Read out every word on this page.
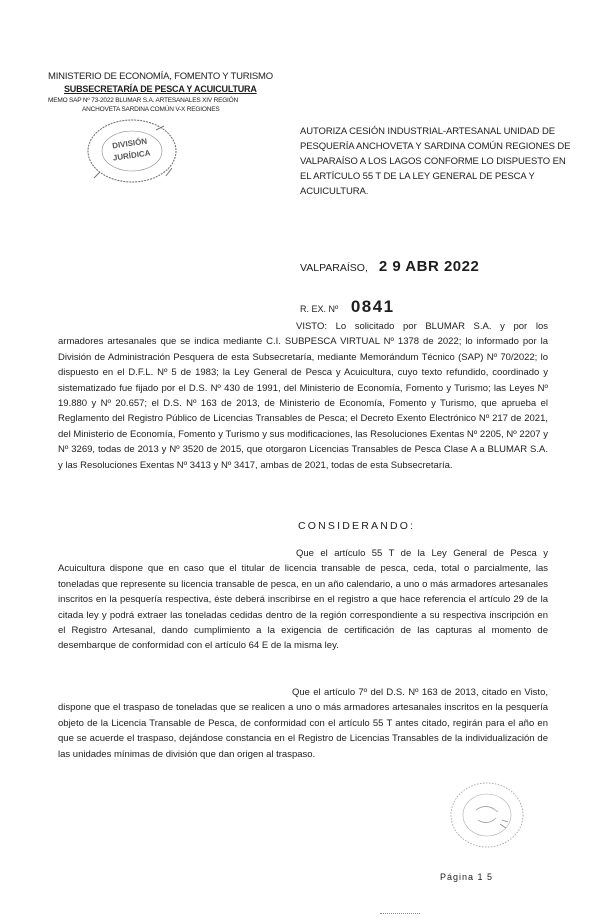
MINISTERIO DE ECONOMÍA, FOMENTO Y TURISMO
SUBSECRETARÍA DE PESCA Y ACUICULTURA
MEMO SAP Nº 73-2022 BLUMAR S.A. ARTESANALES XIV REGIÓN
ANCHOVETA SARDINA COMÚN V-X REGIONES
DIVISIÓN
JURÍDICA
AUTORIZA CESIÓN INDUSTRIAL-ARTESANAL UNIDAD DE PESQUERÍA ANCHOVETA Y SARDINA COMÚN REGIONES DE VALPARAÍSO A LOS LAGOS CONFORME LO DISPUESTO EN EL ARTÍCULO 55 T DE LA LEY GENERAL DE PESCA Y ACUICULTURA.
VALPARAÍSO, 2 9 ABR 2022
R. EX. Nº 0841
VISTO: Lo solicitado por BLUMAR S.A. y por los armadores artesanales que se indica mediante C.I. SUBPESCA VIRTUAL Nº 1378 de 2022; lo informado por la División de Administración Pesquera de esta Subsecretaría, mediante Memorándum Técnico (SAP) Nº 70/2022; lo dispuesto en el D.F.L. Nº 5 de 1983; la Ley General de Pesca y Acuicultura, cuyo texto refundido, coordinado y sistematizado fue fijado por el D.S. Nº 430 de 1991, del Ministerio de Economía, Fomento y Turismo; las Leyes Nº 19.880 y Nº 20.657; el D.S. Nº 163 de 2013, de Ministerio de Economía, Fomento y Turismo, que aprueba el Reglamento del Registro Público de Licencias Transables de Pesca; el Decreto Exento Electrónico Nº 217 de 2021, del Ministerio de Economía, Fomento y Turismo y sus modificaciones, las Resoluciones Exentas Nº 2205, Nº 2207 y Nº 3269, todas de 2013 y Nº 3520 de 2015, que otorgaron Licencias Transables de Pesca Clase A a BLUMAR S.A. y las Resoluciones Exentas Nº 3413 y Nº 3417, ambas de 2021, todas de esta Subsecretaría.
CONSIDERANDO:
Que el artículo 55 T de la Ley General de Pesca y Acuicultura dispone que en caso que el titular de licencia transable de pesca, ceda, total o parcialmente, las toneladas que represente su licencia transable de pesca, en un año calendario, a uno o más armadores artesanales inscritos en la pesquería respectiva, éste deberá inscribirse en el registro a que hace referencia el artículo 29 de la citada ley y podrá extraer las toneladas cedidas dentro de la región correspondiente a su respectiva inscripción en el Registro Artesanal, dando cumplimiento a la exigencia de certificación de las capturas al momento de desembarque de conformidad con el artículo 64 E de la misma ley.
Que el artículo 7º del D.S. Nº 163 de 2013, citado en Visto, dispone que el traspaso de toneladas que se realicen a uno o más armadores artesanales inscritos en la pesquería objeto de la Licencia Transable de Pesca, de conformidad con el artículo 55 T antes citado, regirán para el año en que se acuerde el traspaso, dejándose constancia en el Registro de Licencias Transables de la individualización de las unidades mínimas de división que dan origen al traspaso.
Página 1 5
